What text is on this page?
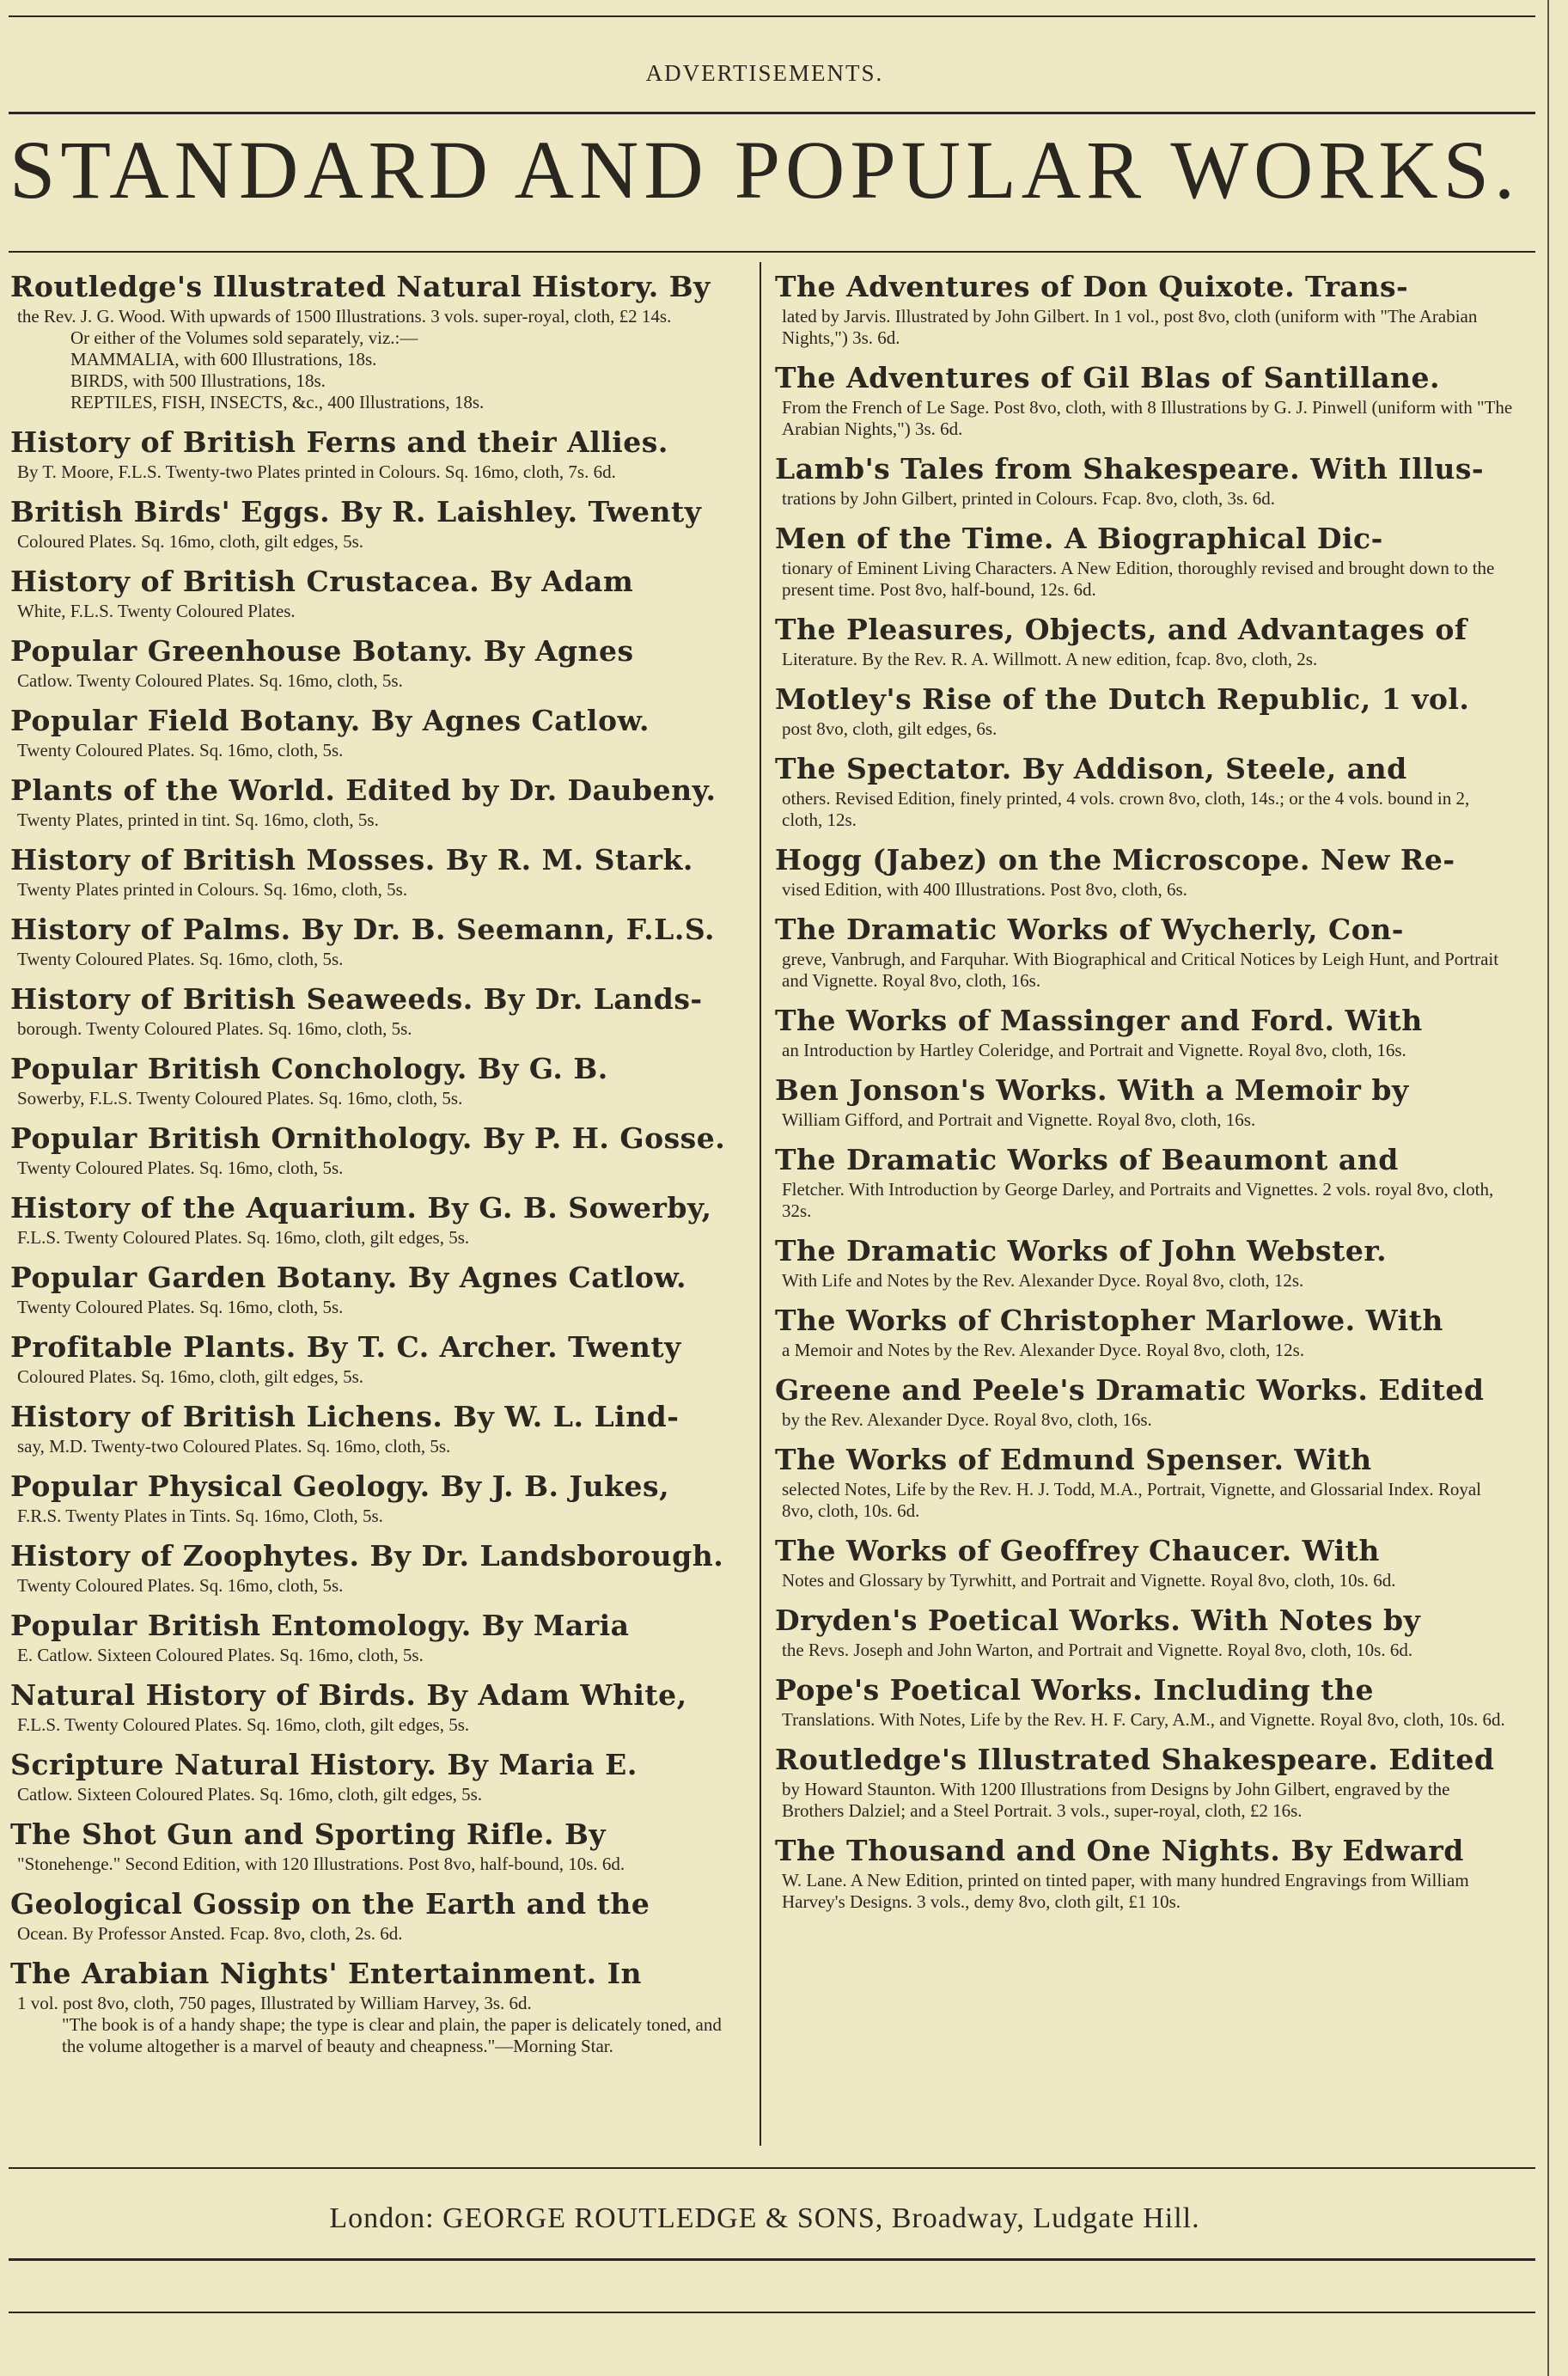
ADVERTISEMENTS.
STANDARD AND POPULAR WORKS.
Routledge's Illustrated Natural History. By
the Rev. J. G. Wood. With upwards of 1500 Illustrations. 3 vols. super-royal, cloth, £2 14s.
Or either of the Volumes sold separately, viz.:—
MAMMALIA, with 600 Illustrations, 18s.
BIRDS, with 500 Illustrations, 18s.
REPTILES, FISH, INSECTS, &c., 400 Illustrations, 18s.
History of British Ferns and their Allies.
By T. Moore, F.L.S. Twenty-two Plates printed in Colours. Sq. 16mo, cloth, 7s. 6d.
British Birds' Eggs. By R. Laishley. Twenty
Coloured Plates. Sq. 16mo, cloth, gilt edges, 5s.
History of British Crustacea. By Adam
White, F.L.S. Twenty Coloured Plates.
Popular Greenhouse Botany. By Agnes
Catlow. Twenty Coloured Plates. Sq. 16mo, cloth, 5s.
Popular Field Botany. By Agnes Catlow.
Twenty Coloured Plates. Sq. 16mo, cloth, 5s.
Plants of the World. Edited by Dr. Daubeny.
Twenty Plates, printed in tint. Sq. 16mo, cloth, 5s.
History of British Mosses. By R. M. Stark.
Twenty Plates printed in Colours. Sq. 16mo, cloth, 5s.
History of Palms. By Dr. B. Seemann, F.L.S.
Twenty Coloured Plates. Sq. 16mo, cloth, 5s.
History of British Seaweeds. By Dr. Lands-
borough. Twenty Coloured Plates. Sq. 16mo, cloth, 5s.
Popular British Conchology. By G. B.
Sowerby, F.L.S. Twenty Coloured Plates. Sq. 16mo, cloth, 5s.
Popular British Ornithology. By P. H. Gosse.
Twenty Coloured Plates. Sq. 16mo, cloth, 5s.
History of the Aquarium. By G. B. Sowerby,
F.L.S. Twenty Coloured Plates. Sq. 16mo, cloth, gilt edges, 5s.
Popular Garden Botany. By Agnes Catlow.
Twenty Coloured Plates. Sq. 16mo, cloth, 5s.
Profitable Plants. By T. C. Archer. Twenty
Coloured Plates. Sq. 16mo, cloth, gilt edges, 5s.
History of British Lichens. By W. L. Lind-
say, M.D. Twenty-two Coloured Plates. Sq. 16mo, cloth, 5s.
Popular Physical Geology. By J. B. Jukes,
F.R.S. Twenty Plates in Tints. Sq. 16mo, Cloth, 5s.
History of Zoophytes. By Dr. Landsborough.
Twenty Coloured Plates. Sq. 16mo, cloth, 5s.
Popular British Entomology. By Maria
E. Catlow. Sixteen Coloured Plates. Sq. 16mo, cloth, 5s.
Natural History of Birds. By Adam White,
F.L.S. Twenty Coloured Plates. Sq. 16mo, cloth, gilt edges, 5s.
Scripture Natural History. By Maria E.
Catlow. Sixteen Coloured Plates. Sq. 16mo, cloth, gilt edges, 5s.
The Shot Gun and Sporting Rifle. By
"Stonehenge." Second Edition, with 120 Illustrations. Post 8vo, half-bound, 10s. 6d.
Geological Gossip on the Earth and the
Ocean. By Professor Ansted. Fcap. 8vo, cloth, 2s. 6d.
The Arabian Nights' Entertainment. In
1 vol. post 8vo, cloth, 750 pages, Illustrated by William Harvey, 3s. 6d.
"The book is of a handy shape; the type is clear and plain, the paper is delicately toned, and the volume altogether is a marvel of beauty and cheapness."—Morning Star.
The Adventures of Don Quixote. Trans-
lated by Jarvis. Illustrated by John Gilbert. In 1 vol., post 8vo, cloth (uniform with "The Arabian Nights,") 3s. 6d.
The Adventures of Gil Blas of Santillane.
From the French of Le Sage. Post 8vo, cloth, with 8 Illustrations by G. J. Pinwell (uniform with "The Arabian Nights,") 3s. 6d.
Lamb's Tales from Shakespeare. With Illus-
trations by John Gilbert, printed in Colours. Fcap. 8vo, cloth, 3s. 6d.
Men of the Time. A Biographical Dic-
tionary of Eminent Living Characters. A New Edition, thoroughly revised and brought down to the present time. Post 8vo, half-bound, 12s. 6d.
The Pleasures, Objects, and Advantages of
Literature. By the Rev. R. A. Willmott. A new edition, fcap. 8vo, cloth, 2s.
Motley's Rise of the Dutch Republic, 1 vol.
post 8vo, cloth, gilt edges, 6s.
The Spectator. By Addison, Steele, and
others. Revised Edition, finely printed, 4 vols. crown 8vo, cloth, 14s.; or the 4 vols. bound in 2, cloth, 12s.
Hogg (Jabez) on the Microscope. New Re-
vised Edition, with 400 Illustrations. Post 8vo, cloth, 6s.
The Dramatic Works of Wycherly, Con-
greve, Vanbrugh, and Farquhar. With Biographical and Critical Notices by Leigh Hunt, and Portrait and Vignette. Royal 8vo, cloth, 16s.
The Works of Massinger and Ford. With
an Introduction by Hartley Coleridge, and Portrait and Vignette. Royal 8vo, cloth, 16s.
Ben Jonson's Works. With a Memoir by
William Gifford, and Portrait and Vignette. Royal 8vo, cloth, 16s.
The Dramatic Works of Beaumont and
Fletcher. With Introduction by George Darley, and Portraits and Vignettes. 2 vols. royal 8vo, cloth, 32s.
The Dramatic Works of John Webster.
With Life and Notes by the Rev. Alexander Dyce. Royal 8vo, cloth, 12s.
The Works of Christopher Marlowe. With
a Memoir and Notes by the Rev. Alexander Dyce. Royal 8vo, cloth, 12s.
Greene and Peele's Dramatic Works. Edited
by the Rev. Alexander Dyce. Royal 8vo, cloth, 16s.
The Works of Edmund Spenser. With
selected Notes, Life by the Rev. H. J. Todd, M.A., Portrait, Vignette, and Glossarial Index. Royal 8vo, cloth, 10s. 6d.
The Works of Geoffrey Chaucer. With
Notes and Glossary by Tyrwhitt, and Portrait and Vignette. Royal 8vo, cloth, 10s. 6d.
Dryden's Poetical Works. With Notes by
the Revs. Joseph and John Warton, and Portrait and Vignette. Royal 8vo, cloth, 10s. 6d.
Pope's Poetical Works. Including the
Translations. With Notes, Life by the Rev. H. F. Cary, A.M., and Vignette. Royal 8vo, cloth, 10s. 6d.
Routledge's Illustrated Shakespeare. Edited
by Howard Staunton. With 1200 Illustrations from Designs by John Gilbert, engraved by the Brothers Dalziel; and a Steel Portrait. 3 vols., super-royal, cloth, £2 16s.
The Thousand and One Nights. By Edward
W. Lane. A New Edition, printed on tinted paper, with many hundred Engravings from William Harvey's Designs. 3 vols., demy 8vo, cloth gilt, £1 10s.
London: GEORGE ROUTLEDGE & SONS, Broadway, Ludgate Hill.
